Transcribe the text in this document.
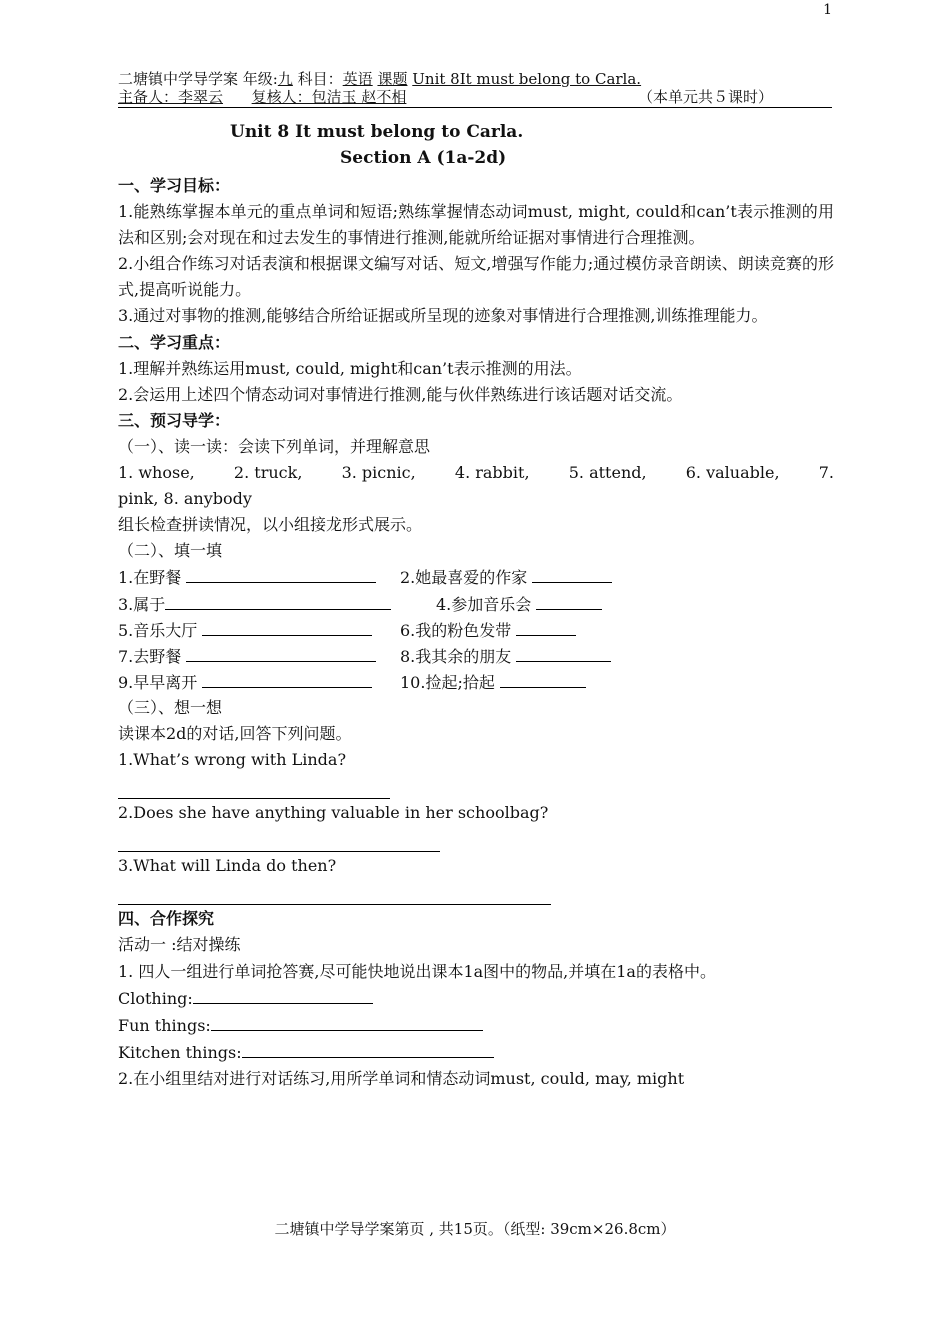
1
二塘镇中学导学案 年级:九 科目：英语 课题 Unit 8It must belong to Carla.
主备人：李翠云 复核人：包洁玉 赵不相	（本单元共５课时）
Unit 8 It must belong to Carla.
Section A (1a-2d)

一、学习目标：

1.能熟练掌握本单元的重点单词和短语;熟练掌握情态动词must, might, could和can’t表示推测的用法和区别;会对现在和过去发生的事情进行推测,能就所给证据对事情进行合理推测。

2.小组合作练习对话表演和根据课文编写对话、短文,增强写作能力;通过模仿录音朗读、朗读竞赛的形式,提高听说能力。

3.通过对事物的推测,能够结合所给证据或所呈现的迹象对事情进行合理推测,训练推理能力。

二、学习重点：

1.理解并熟练运用must, could, might和can’t表示推测的用法。

2.会运用上述四个情态动词对事情进行推测,能与伙伴熟练进行该话题对话交流。

三、预习导学：

（一）、读一读：会读下列单词，并理解意思

1. whose, 2. truck, 3. picnic, 4. rabbit, 5. attend, 6. valuable, 7.

pink, 8. anybody

组长检查拼读情况，以小组接龙形式展示。

（二）、填一填

1.在野餐	2.她最喜爱的作家
3.属于	4.参加音乐会
5.音乐大厅	6.我的粉色发带
7.去野餐	8.我其余的朋友
9.早早离开	10.捡起;拾起

（三）、想一想

读课本2d的对话,回答下列问题。

1.What’s wrong with Linda?

2.Does she have anything valuable in her schoolbag?

3.What will Linda do then?

四、合作探究

活动一 :结对操练

1. 四人一组进行单词抢答赛,尽可能快地说出课本1a图中的物品,并填在1a的表格中。

Clothing:

Fun things:

Kitchen things:

2.在小组里结对进行对话练习,用所学单词和情态动词must, could, may, might

二塘镇中学导学案第页 , 共15页。（纸型: 39cm×26.8cm）
